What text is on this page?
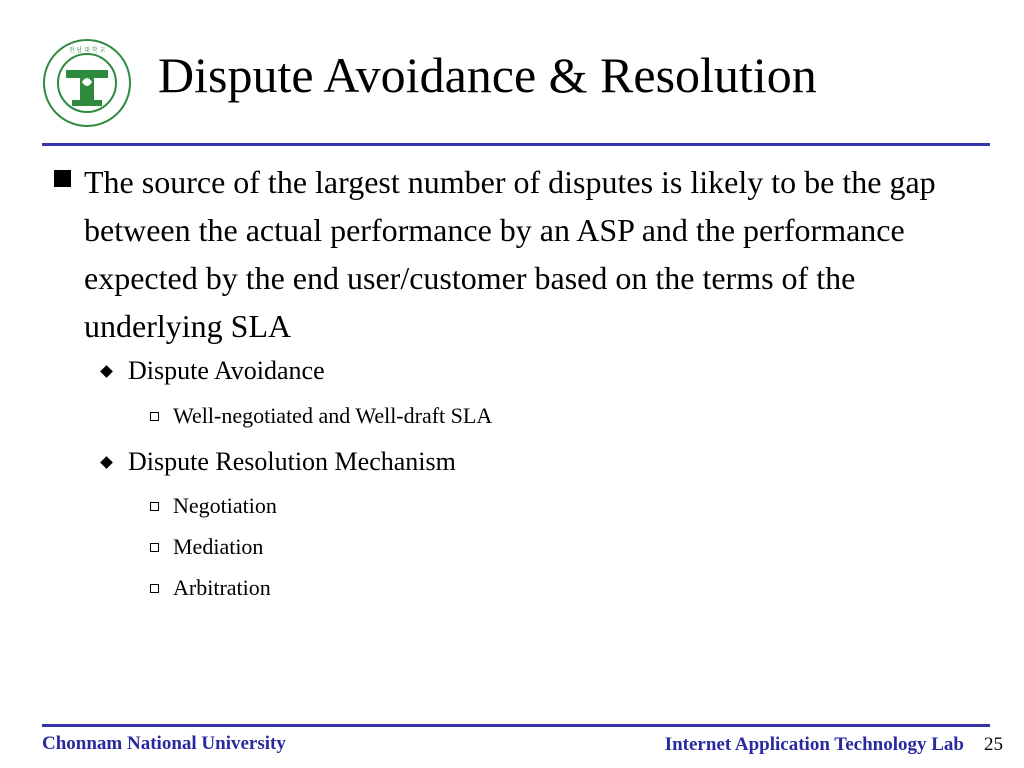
전 남 대 학 교 Dispute Avoidance & Resolution
The source of the largest number of disputes is likely to be the gap between the actual performance by an ASP and the performance expected by the end user/customer based on the terms of the underlying SLA
Dispute Avoidance
Well-negotiated and Well-draft SLA
Dispute Resolution Mechanism
Negotiation
Mediation
Arbitration
Chonnam National University	Internet Application Technology Lab 25
